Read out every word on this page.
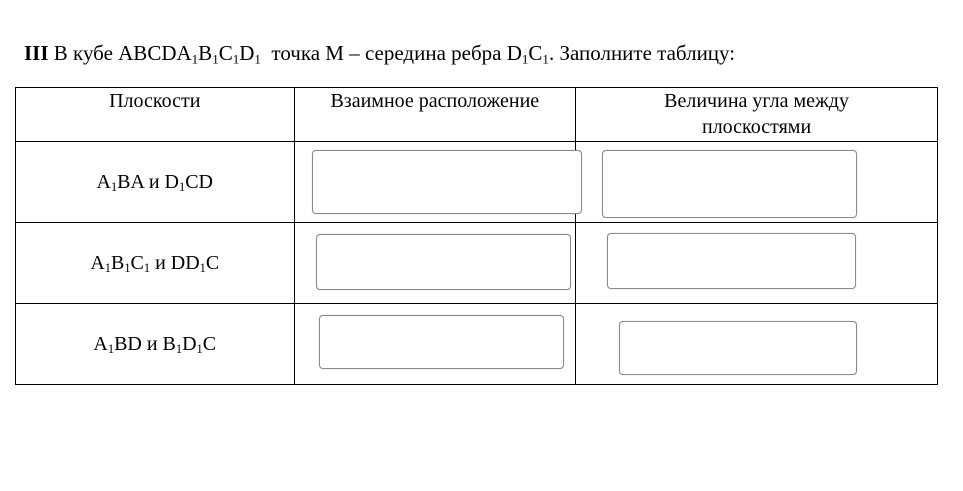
III В кубе $ABCDA_1B_1C_1D_1$  точка M – середина ребра $D_1C_1$. Заполните таблицу:
Плоскости	Взаимное расположение	Величина угла между плоскостями
$A_1BA$ и $D_1CD$	

$A_1B_1C_1$ и $DD_1C$	

$A_1BD$ и $B_1D_1C$	
